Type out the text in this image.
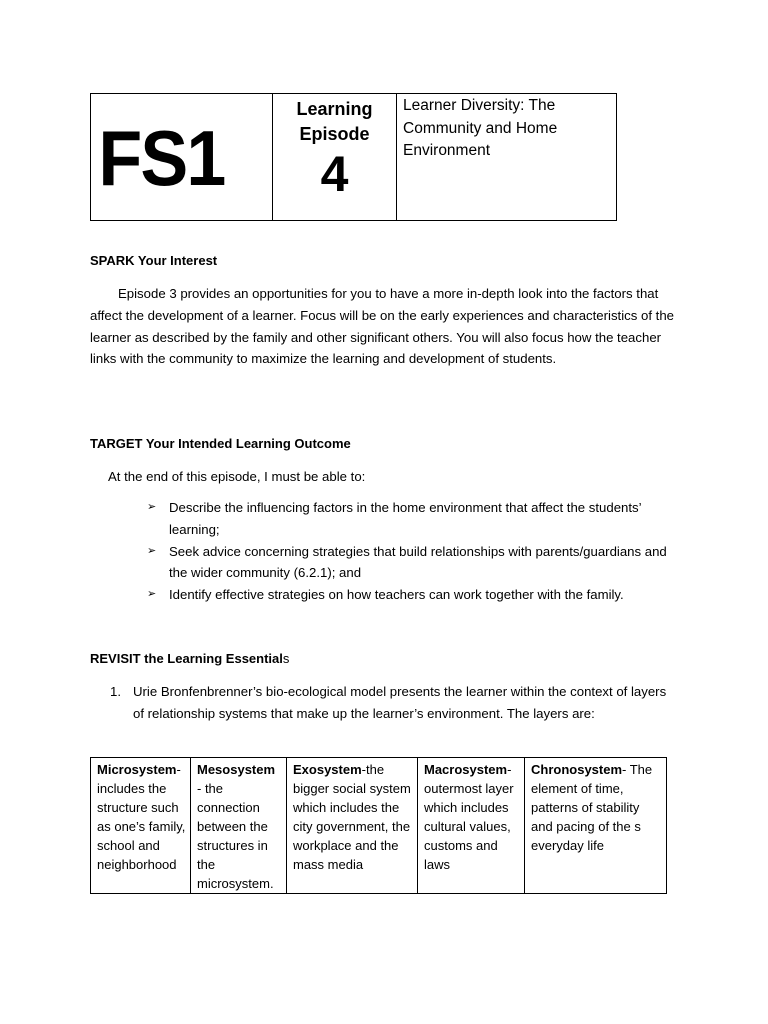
FS1

Learning
Episode
4

Learner Diversity: The Community and Home Environment
SPARK Your Interest
Episode 3 provides an opportunities for you to have a more in-depth look into the factors that affect the development of a learner. Focus will be on the early experiences and characteristics of the learner as described by the family and other significant others. You will also focus how the teacher links with the community to maximize the learning and development of students.
TARGET Your Intended Learning Outcome
At the end of this episode, I must be able to:
➢ Describe the influencing factors in the home environment that affect the students’ learning;
➢ Seek advice concerning strategies that build relationships with parents/guardians and the wider community (6.2.1); and
➢ Identify effective strategies on how teachers can work together with the family.
REVISIT the Learning Essentials
1. Urie Bronfenbrenner’s bio-ecological model presents the learner within the context of layers of relationship systems that make up the learner’s environment. The layers are:
Microsystem- includes the structure such as one’s family, school and neighborhood	Mesosystem - the connection between the structures in the microsystem.	Exosystem-the bigger social system which includes the city government, the workplace and the mass media	Macrosystem- outermost layer which includes cultural values, customs and laws	Chronosystem- The element of time, patterns of stability and pacing of the s everyday life
